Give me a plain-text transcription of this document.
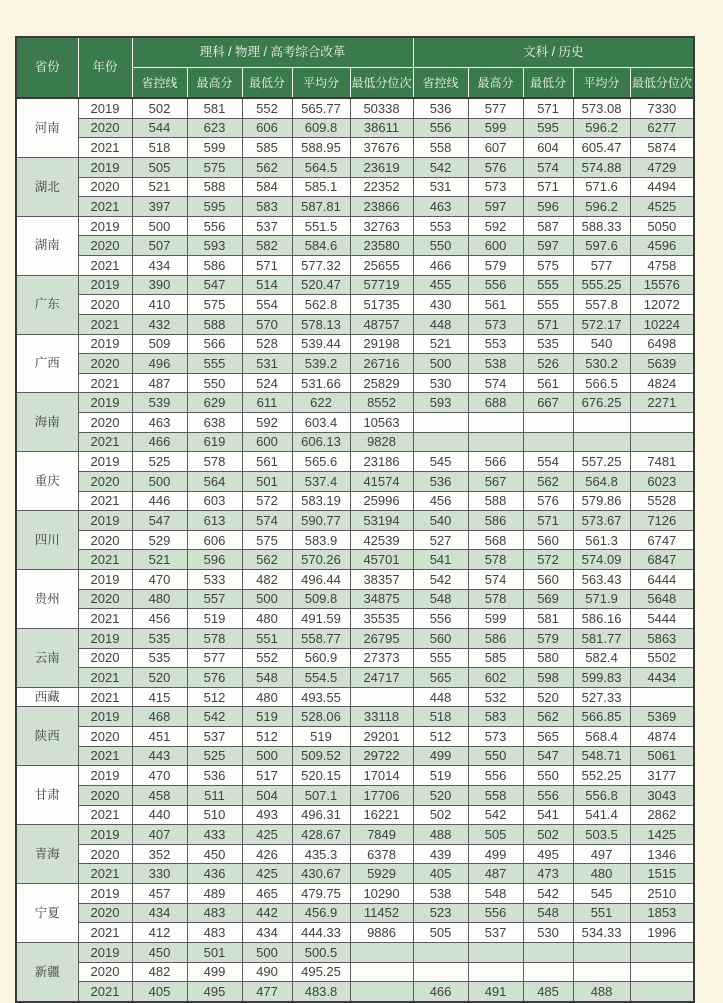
省份	年份	理科 / 物理 / 高考综合改革					文科 / 历史				
		省控线	最高分	最低分	平均分	最低分位次	省控线	最高分	最低分	平均分	最低分位次
河南	2019	502	581	552	565.77	50338	536	577	571	573.08	7330
	2020	544	623	606	609.8	38611	556	599	595	596.2	6277
	2021	518	599	585	588.95	37676	558	607	604	605.47	5874
湖北	2019	505	575	562	564.5	23619	542	576	574	574.88	4729
	2020	521	588	584	585.1	22352	531	573	571	571.6	4494
	2021	397	595	583	587.81	23866	463	597	596	596.2	4525
湖南	2019	500	556	537	551.5	32763	553	592	587	588.33	5050
	2020	507	593	582	584.6	23580	550	600	597	597.6	4596
	2021	434	586	571	577.32	25655	466	579	575	577	4758
广东	2019	390	547	514	520.47	57719	455	556	555	555.25	15576
	2020	410	575	554	562.8	51735	430	561	555	557.8	12072
	2021	432	588	570	578.13	48757	448	573	571	572.17	10224
广西	2019	509	566	528	539.44	29198	521	553	535	540	6498
	2020	496	555	531	539.2	26716	500	538	526	530.2	5639
	2021	487	550	524	531.66	25829	530	574	561	566.5	4824
海南	2019	539	629	611	622	8552	593	688	667	676.25	2271
	2020	463	638	592	603.4	10563					
	2021	466	619	600	606.13	9828					
重庆	2019	525	578	561	565.6	23186	545	566	554	557.25	7481
	2020	500	564	501	537.4	41574	536	567	562	564.8	6023
	2021	446	603	572	583.19	25996	456	588	576	579.86	5528
四川	2019	547	613	574	590.77	53194	540	586	571	573.67	7126
	2020	529	606	575	583.9	42539	527	568	560	561.3	6747
	2021	521	596	562	570.26	45701	541	578	572	574.09	6847
贵州	2019	470	533	482	496.44	38357	542	574	560	563.43	6444
	2020	480	557	500	509.8	34875	548	578	569	571.9	5648
	2021	456	519	480	491.59	35535	556	599	581	586.16	5444
云南	2019	535	578	551	558.77	26795	560	586	579	581.77	5863
	2020	535	577	552	560.9	27373	555	585	580	582.4	5502
	2021	520	576	548	554.5	24717	565	602	598	599.83	4434
西藏	2021	415	512	480	493.55		448	532	520	527.33	
陕西	2019	468	542	519	528.06	33118	518	583	562	566.85	5369
	2020	451	537	512	519	29201	512	573	565	568.4	4874
	2021	443	525	500	509.52	29722	499	550	547	548.71	5061
甘肃	2019	470	536	517	520.15	17014	519	556	550	552.25	3177
	2020	458	511	504	507.1	17706	520	558	556	556.8	3043
	2021	440	510	493	496.31	16221	502	542	541	541.4	2862
青海	2019	407	433	425	428.67	7849	488	505	502	503.5	1425
	2020	352	450	426	435.3	6378	439	499	495	497	1346
	2021	330	436	425	430.67	5929	405	487	473	480	1515
宁夏	2019	457	489	465	479.75	10290	538	548	542	545	2510
	2020	434	483	442	456.9	11452	523	556	548	551	1853
	2021	412	483	434	444.33	9886	505	537	530	534.33	1996
新疆	2019	450	501	500	500.5						
	2020	482	499	490	495.25						
	2021	405	495	477	483.8		466	491	485	488	
